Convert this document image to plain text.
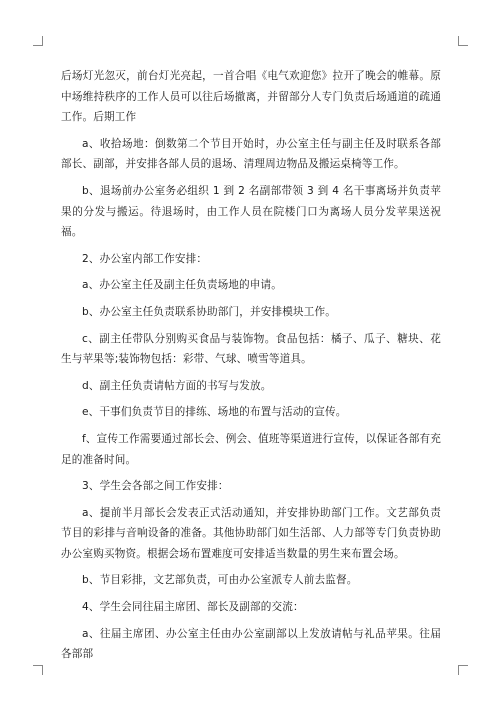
后场灯光忽灭，前台灯光亮起，一首合唱《电气欢迎您》拉开了晚会的帷幕。原中场维持秩序的工作人员可以往后场撤离，并留部分人专门负责后场通道的疏通工作。后期工作

a、收拾场地：倒数第二个节目开始时，办公室主任与副主任及时联系各部部长、副部，并安排各部人员的退场、清理周边物品及搬运桌椅等工作。

b、退场前办公室务必组织 1 到 2 名副部带领 3 到 4 名干事离场并负责苹果的分发与搬运。待退场时，由工作人员在院楼门口为离场人员分发苹果送祝福。

2、办公室内部工作安排：

a、办公室主任及副主任负责场地的申请。

b、办公室主任负责联系协助部门，并安排模块工作。

c、副主任带队分别购买食品与装饰物。食品包括：橘子、瓜子、糖块、花生与苹果等;装饰物包括：彩带、气球、喷雪等道具。

d、副主任负责请帖方面的书写与发放。

e、干事们负责节目的排练、场地的布置与活动的宣传。

f、宣传工作需要通过部长会、例会、值班等渠道进行宣传，以保证各部有充足的准备时间。

3、学生会各部之间工作安排：

a、提前半月部长会发表正式活动通知，并安排协助部门工作。文艺部负责节目的彩排与音响设备的准备。其他协助部门如生活部、人力部等专门负责协助办公室购买物资。根据会场布置难度可安排适当数量的男生来布置会场。

b、节目彩排，文艺部负责，可由办公室派专人前去监督。

4、学生会同往届主席团、部长及副部的交流：

a、往届主席团、办公室主任由办公室副部以上发放请帖与礼品苹果。往届各部部
